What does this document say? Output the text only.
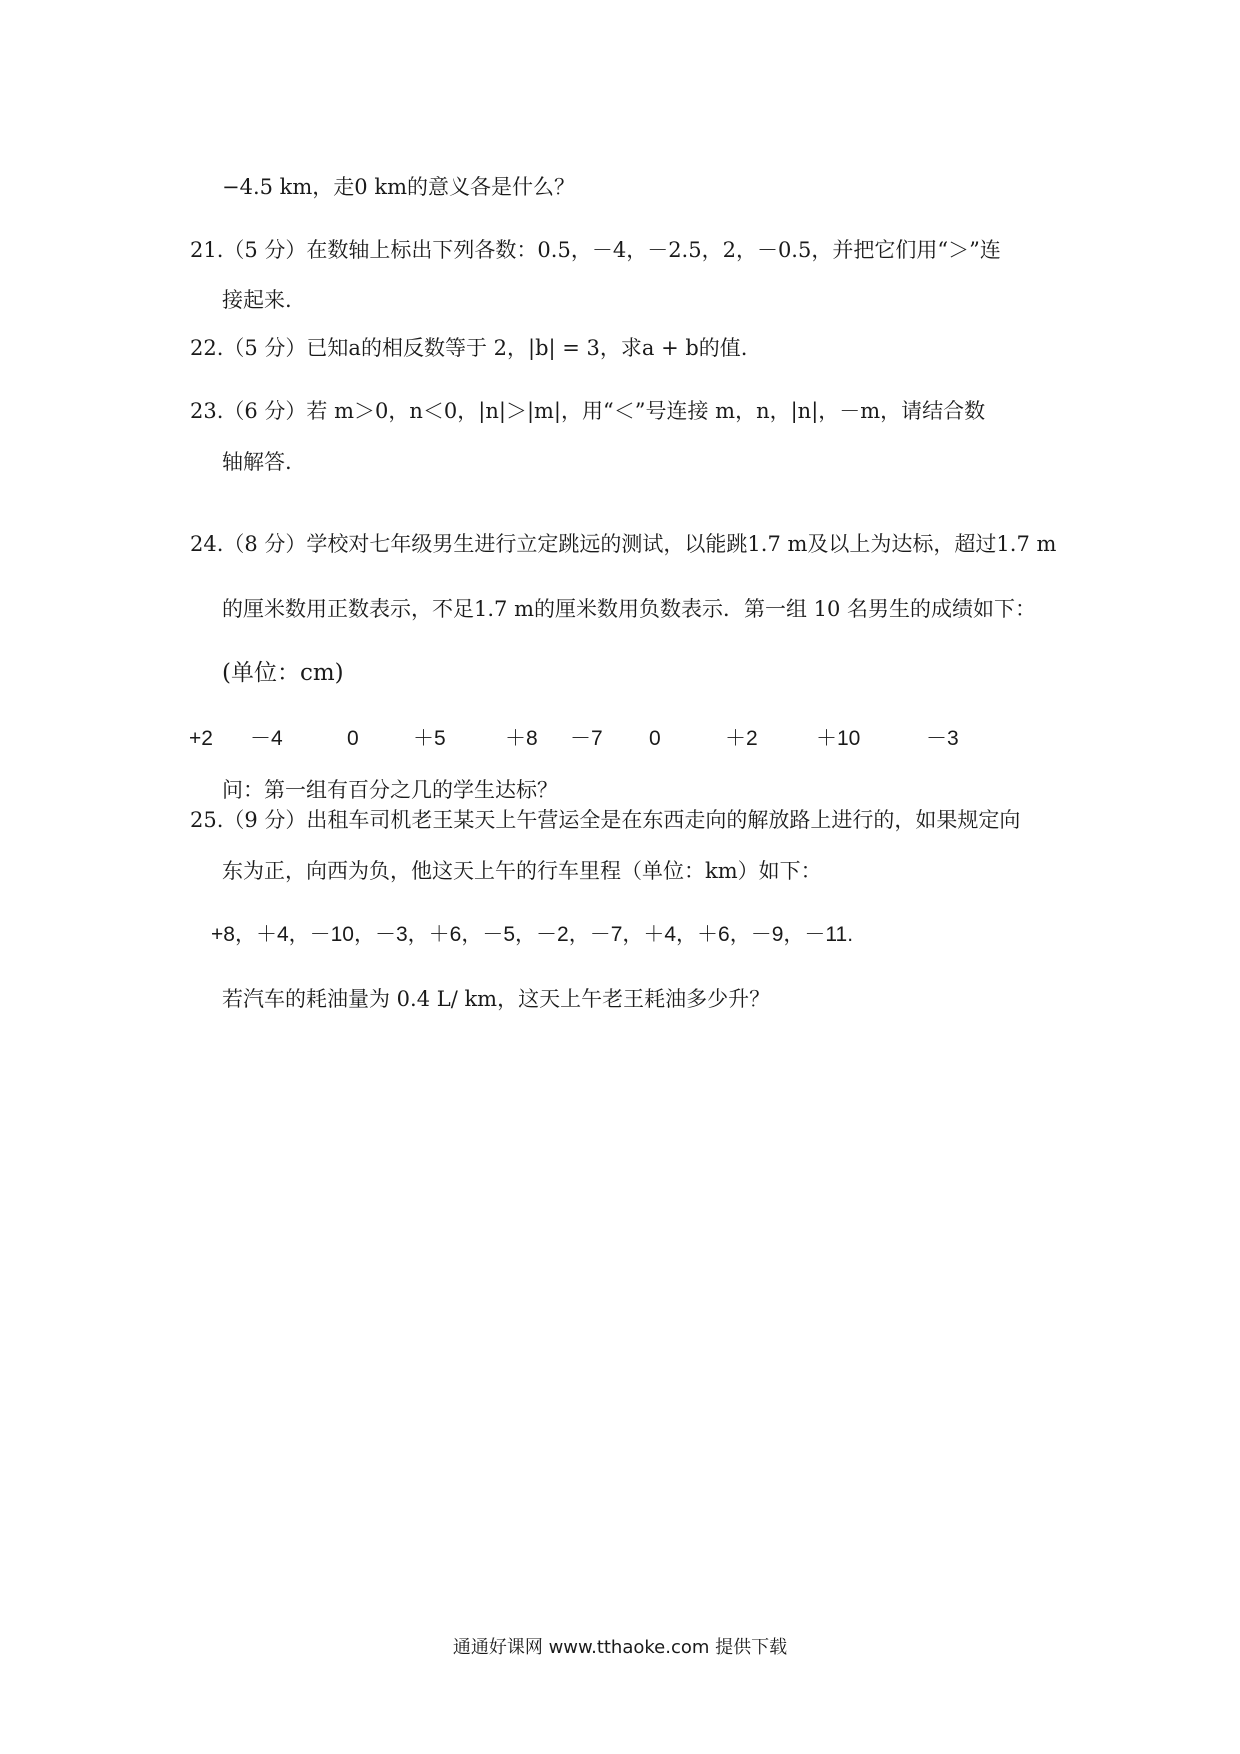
−4.5 km，走0 km的意义各是什么？
21.（5 分）在数轴上标出下列各数：0.5，－4，－2.5，2，－0.5，并把它们用“＞”连
接起来.
22.（5 分）已知a的相反数等于 2，|b| = 3，求a + b的值.
23.（6 分）若 m＞0，n＜0，|n|＞|m|，用“＜”号连接 m，n，|n|，－m，请结合数
轴解答.
24.（8 分）学校对七年级男生进行立定跳远的测试，以能跳1.7 m及以上为达标，超过1.7 m
的厘米数用正数表示，不足1.7 m的厘米数用负数表示．第一组 10 名男生的成绩如下：
(单位：cm)
+2 －4	0	＋5	＋8 －7 0	＋2	＋10	－3
问：第一组有百分之几的学生达标？
25.（9 分）出租车司机老王某天上午营运全是在东西走向的解放路上进行的，如果规定向
东为正，向西为负，他这天上午的行车里程（单位：km）如下：
+8，＋4，－10，－3，＋6，－5，－2，－7，＋4，＋6，－9，－11.
若汽车的耗油量为 0.4 L/ km，这天上午老王耗油多少升？
通通好课网 www.tthaoke.com 提供下载
